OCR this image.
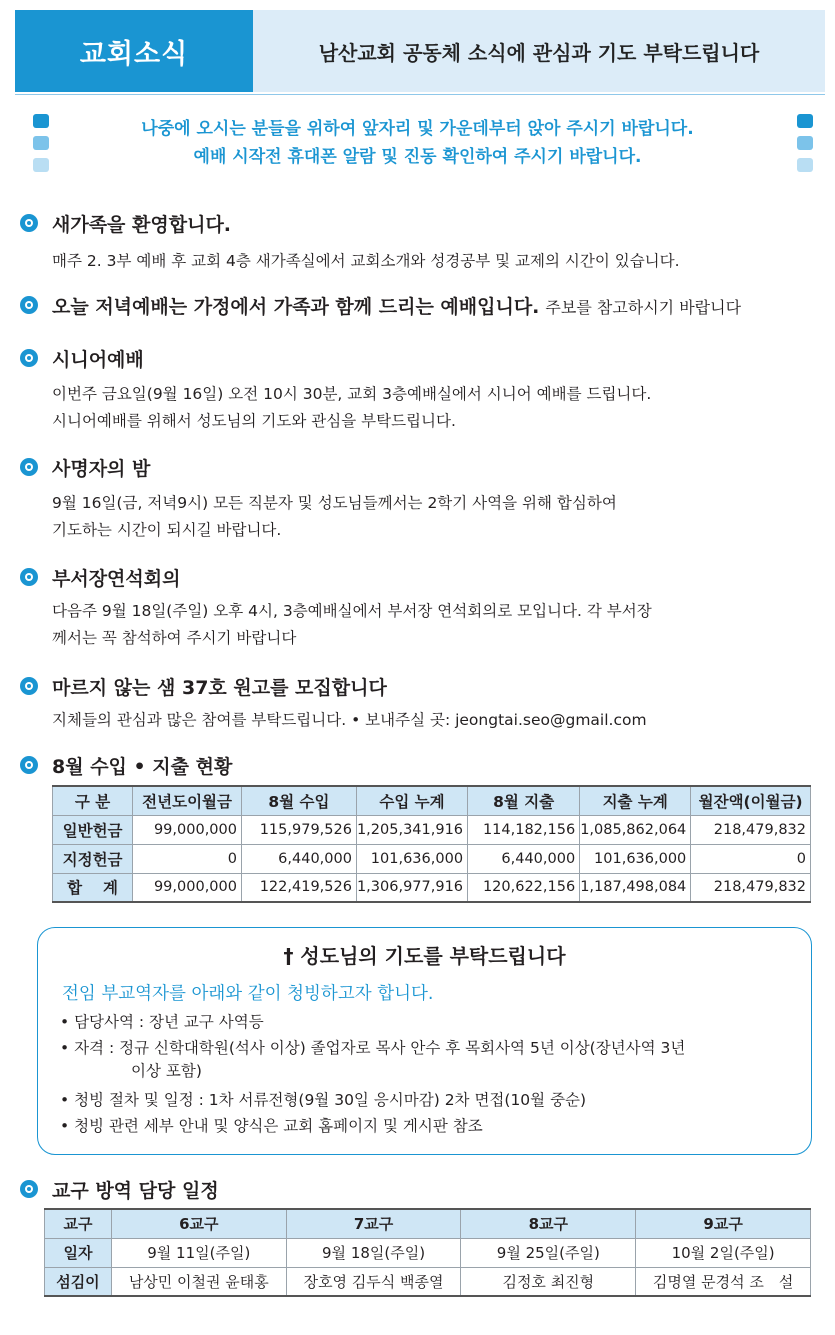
교회소식	남산교회 공동체 소식에 관심과 기도 부탁드립니다
나중에 오시는 분들을 위하여 앞자리 및 가운데부터 앉아 주시기 바랍니다.
예배 시작전 휴대폰 알람 및 진동 확인하여 주시기 바랍니다.
새가족을 환영합니다.
매주 2. 3부 예배 후 교회 4층 새가족실에서 교회소개와 성경공부 및 교제의 시간이 있습니다.
오늘 저녁예배는 가정에서 가족과 함께 드리는 예배입니다. 주보를 참고하시기 바랍니다
시니어예배
이번주 금요일(9월 16일) 오전 10시 30분, 교회 3층예배실에서 시니어 예배를 드립니다.
시니어예배를 위해서 성도님의 기도와 관심을 부탁드립니다.
사명자의 밤
9월 16일(금, 저녁9시) 모든 직분자 및 성도님들께서는 2학기 사역을 위해 합심하여
기도하는 시간이 되시길 바랍니다.
부서장연석회의
다음주 9월 18일(주일) 오후 4시, 3층예배실에서 부서장 연석회의로 모입니다. 각 부서장
께서는 꼭 참석하여 주시기 바랍니다
마르지 않는 샘 37호 원고를 모집합니다
지체들의 관심과 많은 참여를 부탁드립니다. • 보내주실 곳: jeongtai.seo@gmail.com
8월 수입 • 지출 현황
구 분	전년도이월금	8월 수입	수입 누계	8월 지출	지출 누계	월잔액(이월금)
일반헌금	99,000,000	115,979,526	1,205,341,916	114,182,156	1,085,862,064	218,479,832
지정헌금	0	6,440,000	101,636,000	6,440,000	101,636,000	0
합　 계	99,000,000	122,419,526	1,306,977,916	120,622,156	1,187,498,084	218,479,832
† 성도님의 기도를 부탁드립니다
전임 부교역자를 아래와 같이 청빙하고자 합니다.
• 담당사역 : 장년 교구 사역등
• 자격 : 정규 신학대학원(석사 이상) 졸업자로 목사 안수 후 목회사역 5년 이상(장년사역 3년
이상 포함)
• 청빙 절차 및 일정 : 1차 서류전형(9월 30일 응시마감) 2차 면접(10월 중순)
• 청빙 관련 세부 안내 및 양식은 교회 홈페이지 및 게시판 참조
교구 방역 담당 일정
교구	6교구	7교구	8교구	9교구
일자	9월 11일(주일)	9월 18일(주일)	9월 25일(주일)	10월 2일(주일)
섬김이	남상민 이철권 윤태홍	장호영 김두식 백종열	김정호 최진형	김명열 문경석 조　설
